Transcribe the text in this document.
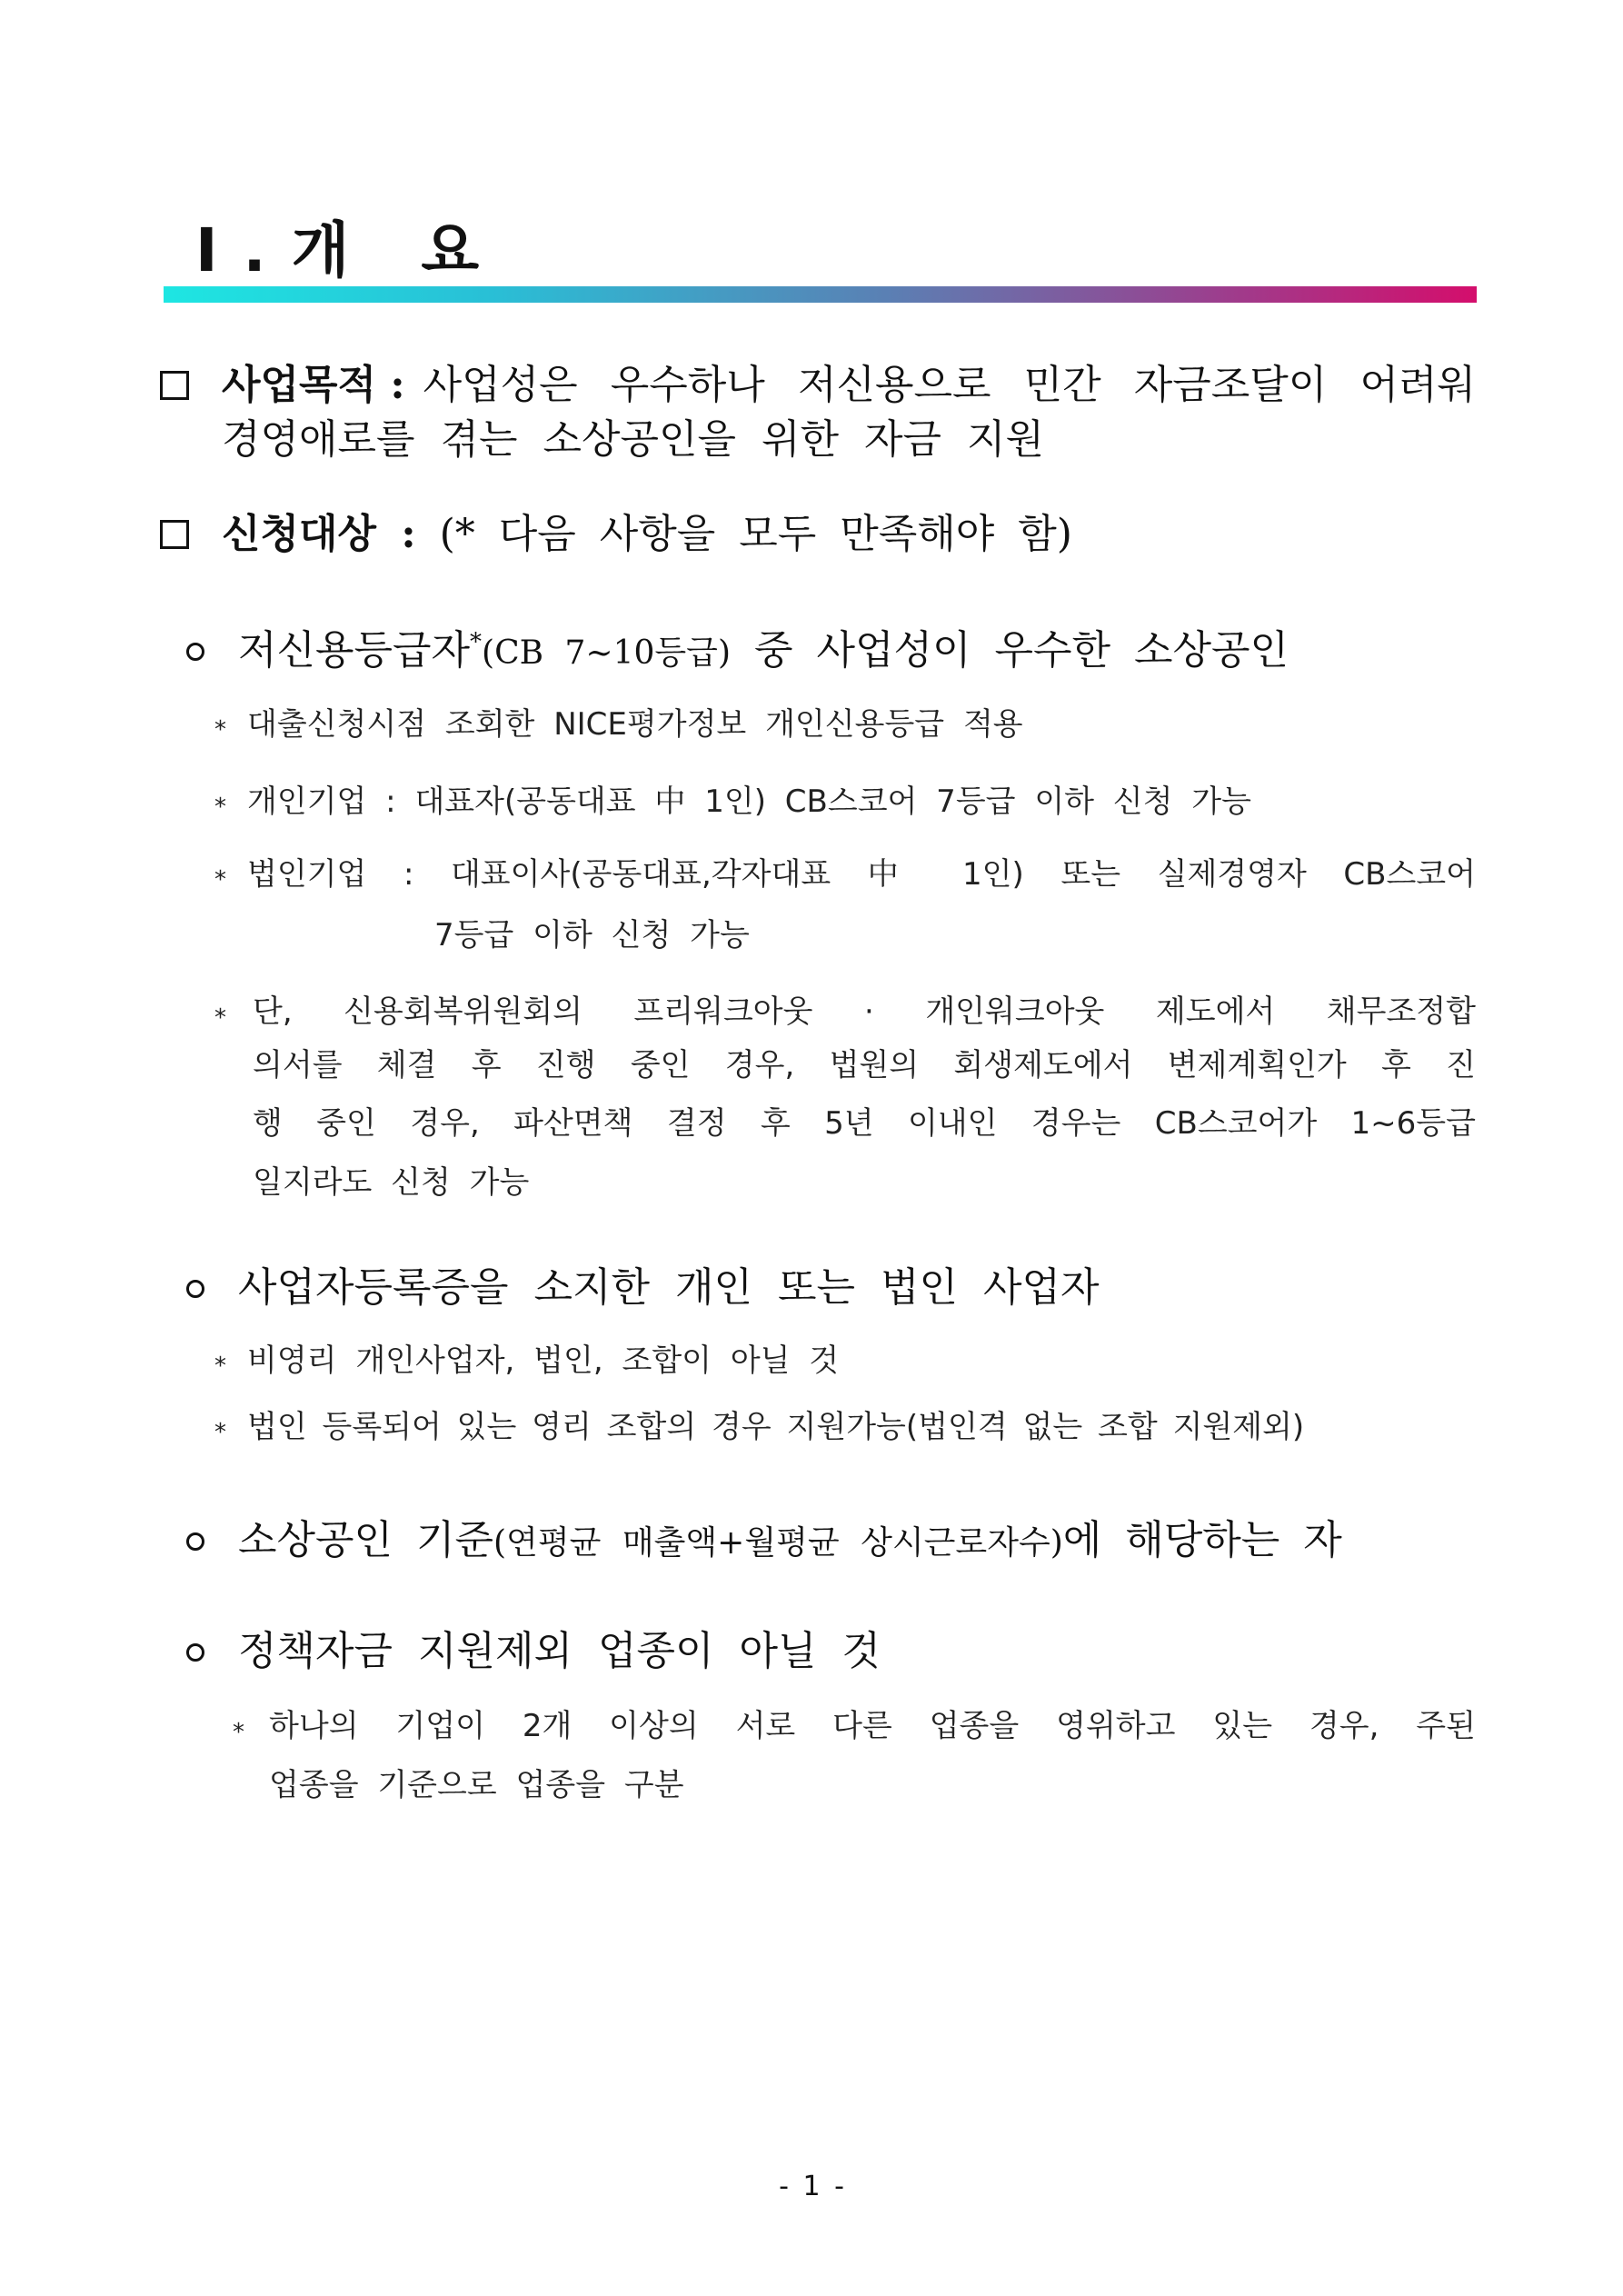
Ⅰ.개 요
사업목적 : 사업성은 우수하나 저신용으로 민간 자금조달이 어려워
경영애로를 겪는 소상공인을 위한 자금 지원
신청대상 : (* 다음 사항을 모두 만족해야 함)
저신용등급자*(CB 7~10등급) 중 사업성이 우수한 소상공인
* 대출신청시점 조회한 NICE평가정보 개인신용등급 적용
* 개인기업 : 대표자(공동대표 中 1인) CB스코어 7등급 이하 신청 가능
* 법인기업 : 대표이사(공동대표,각자대표 中 1인) 또는 실제경영자 CB스코어
7등급 이하 신청 가능
* 단, 신용회복위원회의 프리워크아웃 · 개인워크아웃 제도에서 채무조정합
의서를 체결 후 진행 중인 경우, 법원의 회생제도에서 변제계획인가 후 진
행 중인 경우, 파산면책 결정 후 5년 이내인 경우는 CB스코어가 1~6등급
일지라도 신청 가능
사업자등록증을 소지한 개인 또는 법인 사업자
* 비영리 개인사업자, 법인, 조합이 아닐 것
* 법인 등록되어 있는 영리 조합의 경우 지원가능(법인격 없는 조합 지원제외)
소상공인 기준(연평균 매출액+월평균 상시근로자수)에 해당하는 자
정책자금 지원제외 업종이 아닐 것
* 하나의 기업이 2개 이상의 서로 다른 업종을 영위하고 있는 경우, 주된
업종을 기준으로 업종을 구분
- 1 -
